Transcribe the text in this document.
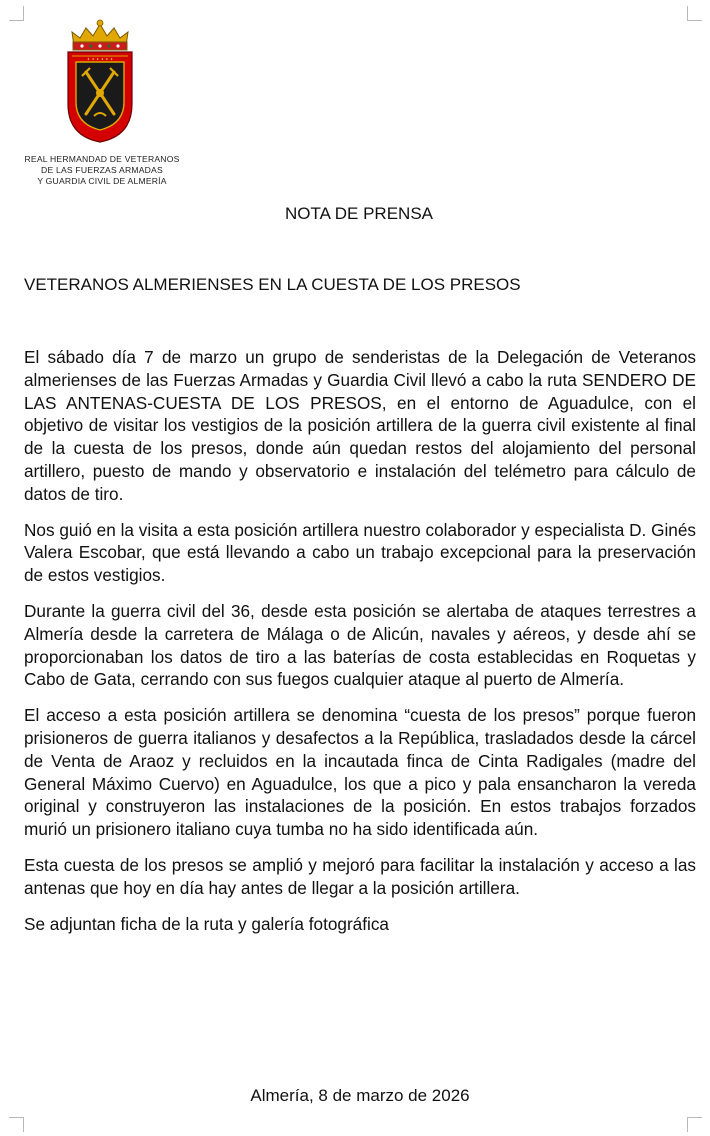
✦ ✦ ✦ ✦ ✦ ✦
REAL HERMANDAD DE VETERANOS
DE LAS FUERZAS ARMADAS
Y GUARDIA CIVIL DE ALMERÍA
NOTA DE PRENSA
VETERANOS ALMERIENSES EN LA CUESTA DE LOS PRESOS

El sábado día 7 de marzo un grupo de senderistas de la Delegación de Veteranos almerienses de las Fuerzas Armadas y Guardia Civil llevó a cabo la ruta SENDERO DE LAS ANTENAS-CUESTA DE LOS PRESOS, en el entorno de Aguadulce, con el objetivo de visitar los vestigios de la posición artillera de la guerra civil existente al final de la cuesta de los presos, donde aún quedan restos del alojamiento del personal artillero, puesto de mando y observatorio e instalación del telémetro para cálculo de datos de tiro.

Nos guió en la visita a esta posición artillera nuestro colaborador y especialista D. Ginés Valera Escobar, que está llevando a cabo un trabajo excepcional para la preservación de estos vestigios.

Durante la guerra civil del 36, desde esta posición se alertaba de ataques terrestres a Almería desde la carretera de Málaga o de Alicún, navales y aéreos, y desde ahí se proporcionaban los datos de tiro a las baterías de costa establecidas en Roquetas y Cabo de Gata, cerrando con sus fuegos cualquier ataque al puerto de Almería.

El acceso a esta posición artillera se denomina “cuesta de los presos” porque fueron prisioneros de guerra italianos y desafectos a la República, trasladados desde la cárcel de Venta de Araoz y recluidos en la incautada finca de Cinta Radigales (madre del General Máximo Cuervo) en Aguadulce, los que a pico y pala ensancharon la vereda original y construyeron las instalaciones de la posición. En estos trabajos forzados murió un prisionero italiano cuya tumba no ha sido identificada aún.

Esta cuesta de los presos se amplió y mejoró para facilitar la instalación y acceso a las antenas que hoy en día hay antes de llegar a la posición artillera.

Se adjuntan ficha de la ruta y galería fotográfica

Almería, 8 de marzo de 2026
